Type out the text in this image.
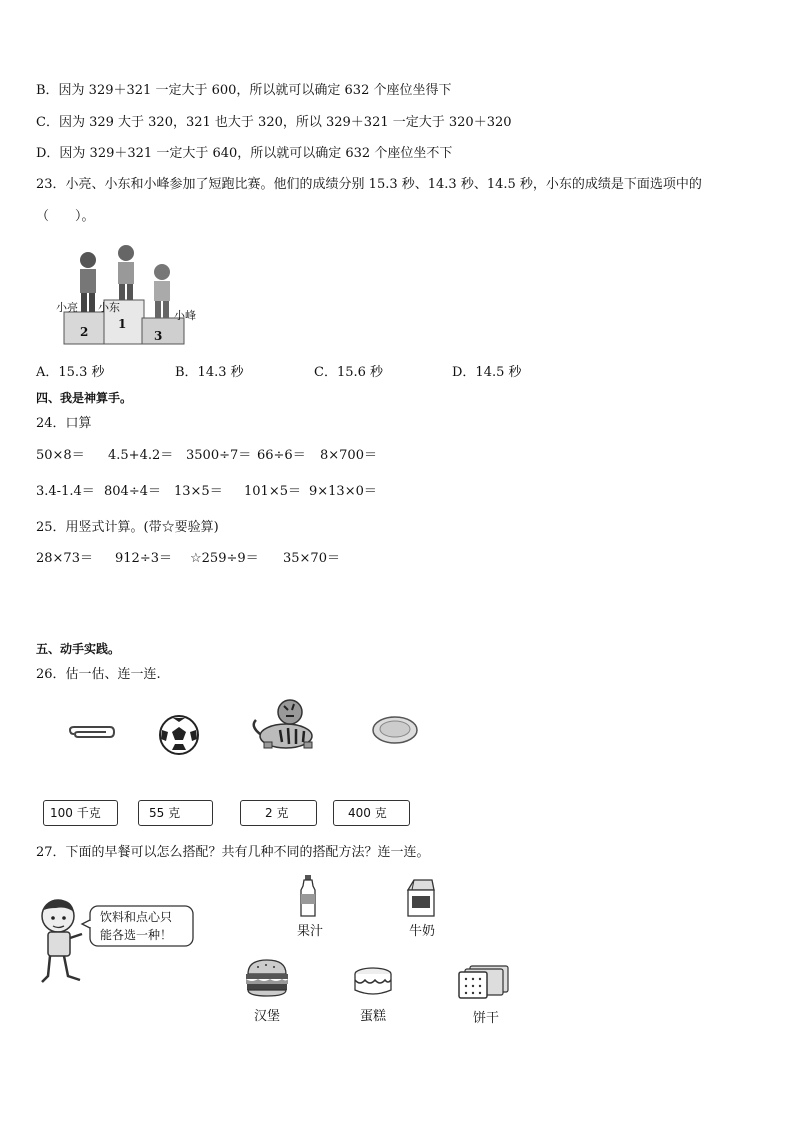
B．因为 329＋321 一定大于 600，所以就可以确定 632 个座位坐得下
C．因为 329 大于 320，321 也大于 320，所以 329＋321 一定大于 320＋320
D．因为 329＋321 一定大于 640，所以就可以确定 632 个座位坐不下
23．小亮、小东和小峰参加了短跑比赛。他们的成绩分别 15.3 秒、14.3 秒、14.5 秒，小东的成绩是下面选项中的
（　　）。
小亮 小东
小峰
2
1
3
A．15.3 秒	B．14.3 秒	C．15.6 秒	D．14.5 秒
四、我是神算手。
24．口算
50×8＝ 4.5+4.2＝ 3500÷7＝ 66÷6＝ 8×700＝
3.4-1.4＝ 804÷4＝ 13×5＝ 101×5＝ 9×13×0＝
25．用竖式计算。(带☆要验算)
28×73＝ 912÷3＝ ☆259÷9＝ 35×70＝
五、动手实践。
26．估一估、连一连.
100 千克	55 克	2 克	400 克
27．下面的早餐可以怎么搭配？共有几种不同的搭配方法？连一连。
饮料和点心只
能各选一种！	果汁	牛奶
汉堡	蛋糕	饼干
